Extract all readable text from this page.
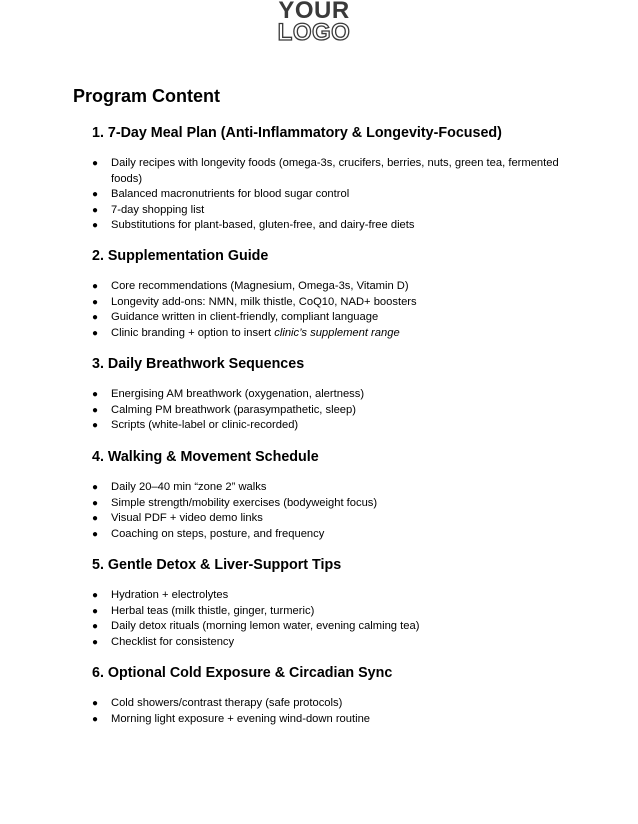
YOUR
LOGO
Program Content
1. 7-Day Meal Plan (Anti-Inflammatory & Longevity-Focused)
● Daily recipes with longevity foods (omega-3s, crucifers, berries, nuts, green tea, fermented foods)
● Balanced macronutrients for blood sugar control
● 7-day shopping list
● Substitutions for plant-based, gluten-free, and dairy-free diets
2. Supplementation Guide
● Core recommendations (Magnesium, Omega-3s, Vitamin D)
● Longevity add-ons: NMN, milk thistle, CoQ10, NAD+ boosters
● Guidance written in client-friendly, compliant language
● Clinic branding + option to insert clinic’s supplement range
3. Daily Breathwork Sequences
● Energising AM breathwork (oxygenation, alertness)
● Calming PM breathwork (parasympathetic, sleep)
● Scripts (white-label or clinic-recorded)
4. Walking & Movement Schedule
● Daily 20–40 min “zone 2” walks
● Simple strength/mobility exercises (bodyweight focus)
● Visual PDF + video demo links
● Coaching on steps, posture, and frequency
5. Gentle Detox & Liver-Support Tips
● Hydration + electrolytes
● Herbal teas (milk thistle, ginger, turmeric)
● Daily detox rituals (morning lemon water, evening calming tea)
● Checklist for consistency
6. Optional Cold Exposure & Circadian Sync
● Cold showers/contrast therapy (safe protocols)
● Morning light exposure + evening wind-down routine
